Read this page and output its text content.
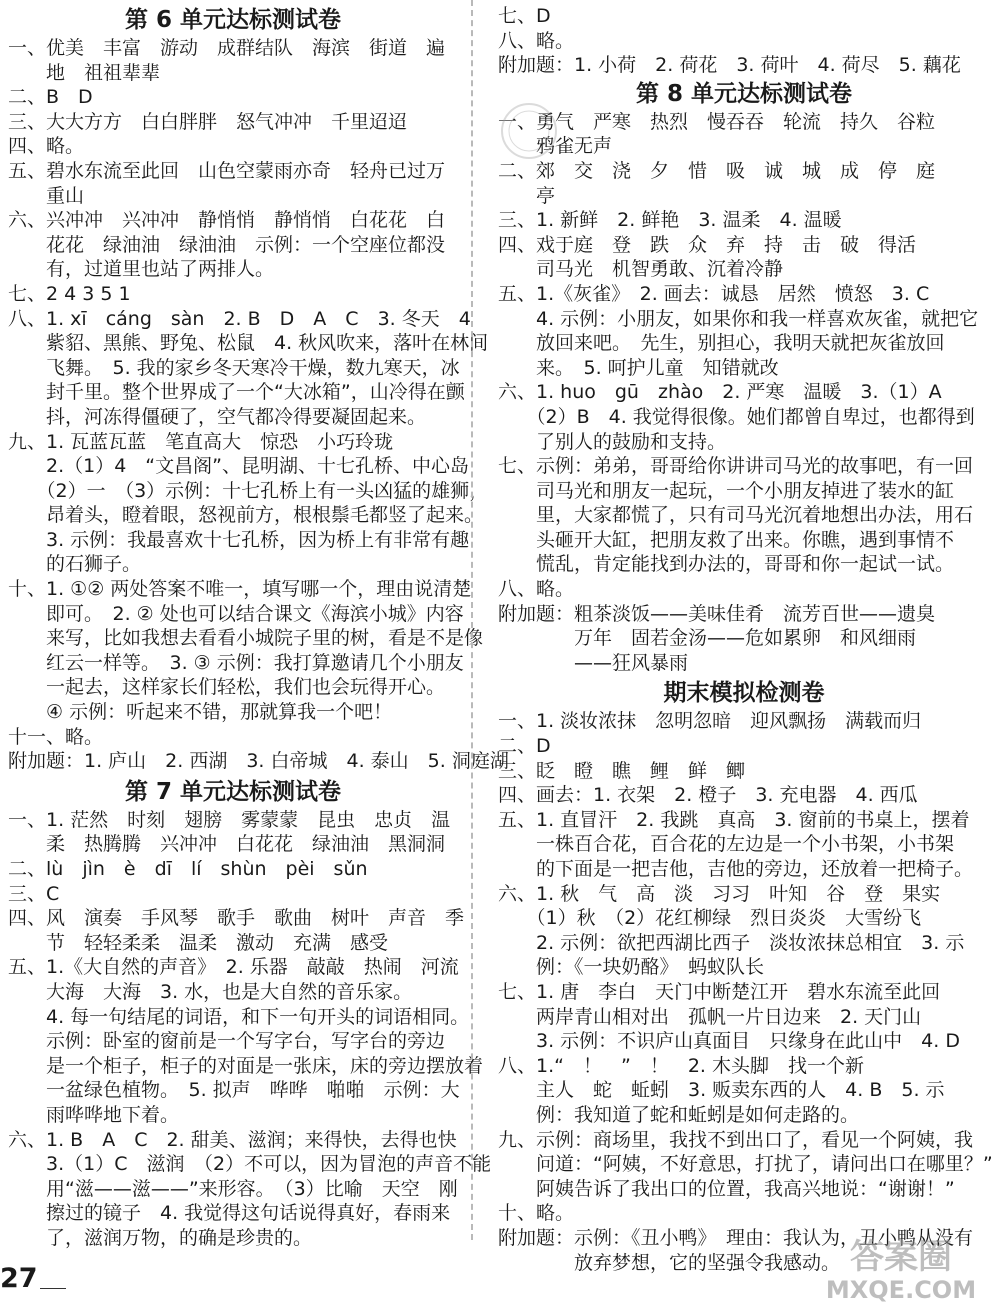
第 6 单元达标测试卷
一、优美　丰富　游动　成群结队　海滨　街道　遍
　　地　祖祖辈辈
二、B　D
三、大大方方　白白胖胖　怒气冲冲　千里迢迢
四、略。
五、碧水东流至此回　山色空蒙雨亦奇　轻舟已过万
　　重山
六、兴冲冲　兴冲冲　静悄悄　静悄悄　白花花　白
　　花花　绿油油　绿油油　示例：一个空座位都没
　　有，过道里也站了两排人。
七、2 4 3 5 1
八、1. xī　cáng　sàn　2. B　D　A　C　3. 冬天　4
　　紫貂、黑熊、野兔、松鼠　4. 秋风吹来，落叶在林间
　　飞舞。　5. 我的家乡冬天寒冷干燥，数九寒天，冰
　　封千里。整个世界成了一个“大冰箱”，山冷得在颤
　　抖，河冻得僵硬了，空气都冷得要凝固起来。
九、1. 瓦蓝瓦蓝　笔直高大　惊恐　小巧玲珑
　　2.（1）4　“文昌阁”、昆明湖、十七孔桥、中心岛
　　（2）一　（3）示例：十七孔桥上有一头凶猛的雄狮，
　　昂着头，瞪着眼，怒视前方，根根鬃毛都竖了起来。
　　3. 示例：我最喜欢十七孔桥，因为桥上有非常有趣
　　的石狮子。
十、1. ①② 两处答案不唯一，填写哪一个，理由说清楚
　　即可。　2. ② 处也可以结合课文《海滨小城》内容
　　来写，比如我想去看看小城院子里的树，看是不是像
　　红云一样等。　3. ③ 示例：我打算邀请几个小朋友
　　一起去，这样家长们轻松，我们也会玩得开心。
　　④ 示例：听起来不错，那就算我一个吧！
十一、略。
附加题：1. 庐山　2. 西湖　3. 白帝城　4. 泰山　5. 洞庭湖
第 7 单元达标测试卷
一、1. 茫然　时刻　翅膀　雾蒙蒙　昆虫　忠贞　温
　　柔　热腾腾　兴冲冲　白花花　绿油油　黑洞洞
二、lù　jìn　è　dī　lí　shùn　pèi　sǔn
三、C
四、风　演奏　手风琴　歌手　歌曲　树叶　声音　季
　　节　轻轻柔柔　温柔　激动　充满　感受
五、1.《大自然的声音》　2. 乐器　敲敲　热闹　河流
　　大海　大海　3. 水，也是大自然的音乐家。
　　4. 每一句结尾的词语，和下一句开头的词语相同。
　　示例：卧室的窗前是一个写字台，写字台的旁边
　　是一个柜子，柜子的对面是一张床，床的旁边摆放着
　　一盆绿色植物。　5. 拟声　哗哗　啪啪　示例：大
　　雨哗哗地下着。
六、1. B　A　C　2. 甜美、滋润；来得快，去得也快
　　3.（1）C　滋润　（2）不可以，因为冒泡的声音不能
　　用“滋——滋——”来形容。　（3）比喻　天空　刚
　　擦过的镜子　4. 我觉得这句话说得真好，春雨来
　　了，滋润万物，的确是珍贵的。
七、D
八、略。
附加题：1. 小荷　2. 荷花　3. 荷叶　4. 荷尽　5. 藕花
第 8 单元达标测试卷
一、勇气　严寒　热烈　慢吞吞　轮流　持久　谷粒
　　鸦雀无声
二、郊　交　浇　夕　惜　吸　诚　城　成　停　庭
　　亭
三、1. 新鲜　2. 鲜艳　3. 温柔　4. 温暖
四、戏于庭　登　跌　众　弃　持　击　破　得活
　　司马光　机智勇敢、沉着冷静
五、1.《灰雀》　2. 画去：诚恳　居然　愤怒　3. C
　　4. 示例：小朋友，如果你和我一样喜欢灰雀，就把它
　　放回来吧。　先生，别担心，我明天就把灰雀放回
　　来。　5. 呵护儿童　知错就改
六、1. huo　gū　zhào　2. 严寒　温暖　3.（1）A
　　（2）B　4. 我觉得很像。她们都曾自卑过，也都得到
　　了别人的鼓励和支持。
七、示例：弟弟，哥哥给你讲讲司马光的故事吧，有一回
　　司马光和朋友一起玩，一个小朋友掉进了装水的缸
　　里，大家都慌了，只有司马光沉着地想出办法，用石
　　头砸开大缸，把朋友救了出来。你瞧，遇到事情不
　　慌乱，肯定能找到办法的，哥哥和你一起试一试。
八、略。
附加题：粗茶淡饭——美味佳肴　流芳百世——遗臭
　　　　万年　固若金汤——危如累卵　和风细雨
　　　　——狂风暴雨
期末模拟检测卷
一、1. 淡妆浓抹　忽明忽暗　迎风飘扬　满载而归
二、D
三、眨　瞪　瞧　鲤　鲜　鲫
四、画去：1. 衣架　2. 橙子　3. 充电器　4. 西瓜
五、1. 直冒汗　2. 我跳　真高　3. 窗前的书桌上，摆着
　　一株百合花，百合花的左边是一个小书架，小书架
　　的下面是一把吉他，吉他的旁边，还放着一把椅子。
六、1. 秋　气　高　淡　习习　叶知　谷　登　果实
　　（1）秋　（2）花红柳绿　烈日炎炎　大雪纷飞
　　2. 示例：欲把西湖比西子　淡妆浓抹总相宜　3. 示
　　例：《一块奶酪》　蚂蚁队长
七、1. 唐　李白　天门中断楚江开　碧水东流至此回
　　两岸青山相对出　孤帆一片日边来　2. 天门山
　　3. 示例：不识庐山真面目　只缘身在此山中　4. D
八、1.“　！　”　！　2. 木头脚　找一个新
　　主人　蛇　蚯蚓　3. 贩卖东西的人　4. B　5. 示
　　例：我知道了蛇和蚯蚓是如何走路的。
九、示例：商场里，我找不到出口了，看见一个阿姨，我
　　问道：“阿姨，不好意思，打扰了，请问出口在哪里？”
　　阿姨告诉了我出口的位置，我高兴地说：“谢谢！”
十、略。
附加题：示例：《丑小鸭》　理由：我认为，丑小鸭从没有
　　　　放弃梦想，它的坚强令我感动。
27
答案圈
MXQE.COM
